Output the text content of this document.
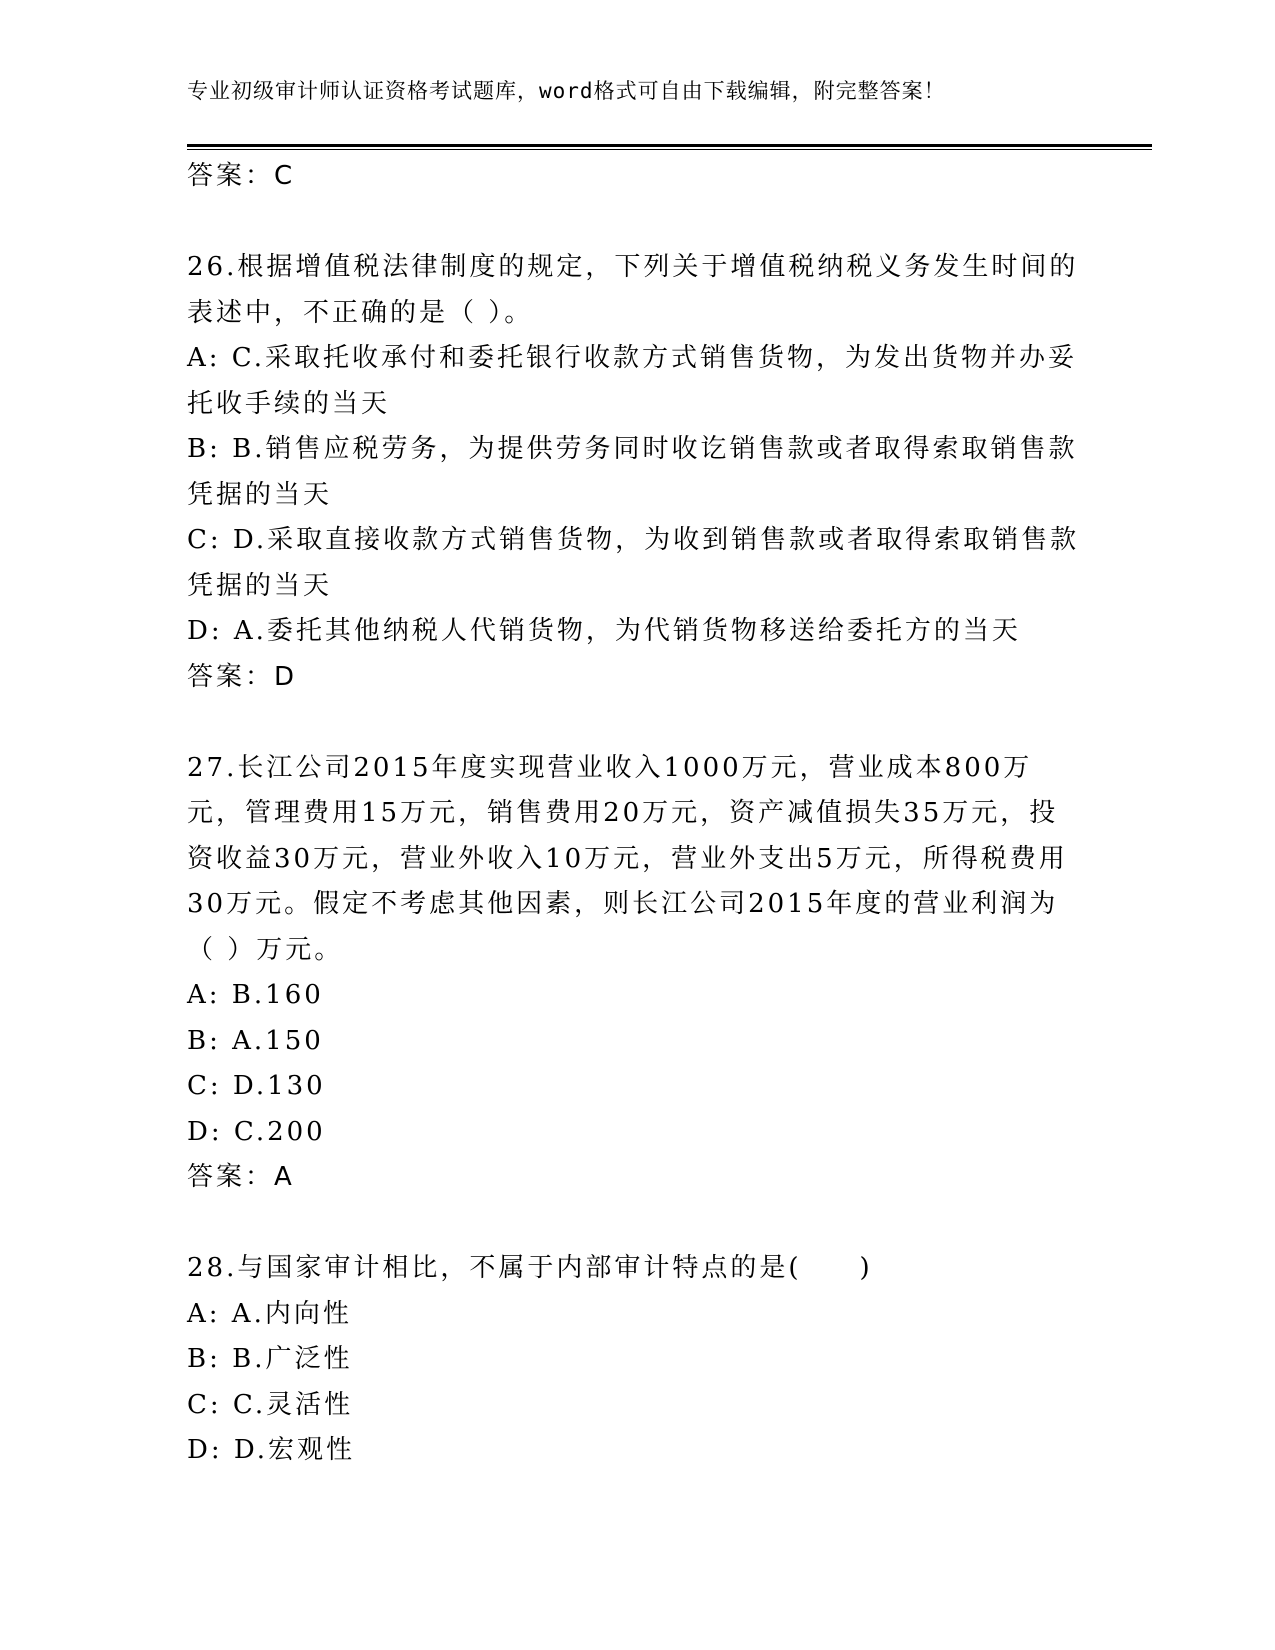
专业初级审计师认证资格考试题库，word格式可自由下载编辑，附完整答案！
答案：C
26.根据增值税法律制度的规定，下列关于增值税纳税义务发生时间的表述中，不正确的是（ ）。
A: C.采取托收承付和委托银行收款方式销售货物，为发出货物并办妥托收手续的当天
B: B.销售应税劳务，为提供劳务同时收讫销售款或者取得索取销售款凭据的当天
C: D.采取直接收款方式销售货物，为收到销售款或者取得索取销售款凭据的当天
D: A.委托其他纳税人代销货物，为代销货物移送给委托方的当天
答案：D
27.长江公司2015年度实现营业收入1000万元，营业成本800万元，管理费用15万元，销售费用20万元，资产减值损失35万元，投资收益30万元，营业外收入10万元，营业外支出5万元，所得税费用30万元。假定不考虑其他因素，则长江公司2015年度的营业利润为（ ）万元。
A: B.160
B: A.150
C: D.130
D: C.200
答案：A
28.与国家审计相比，不属于内部审计特点的是(　　)
A: A.内向性
B: B.广泛性
C: C.灵活性
D: D.宏观性
